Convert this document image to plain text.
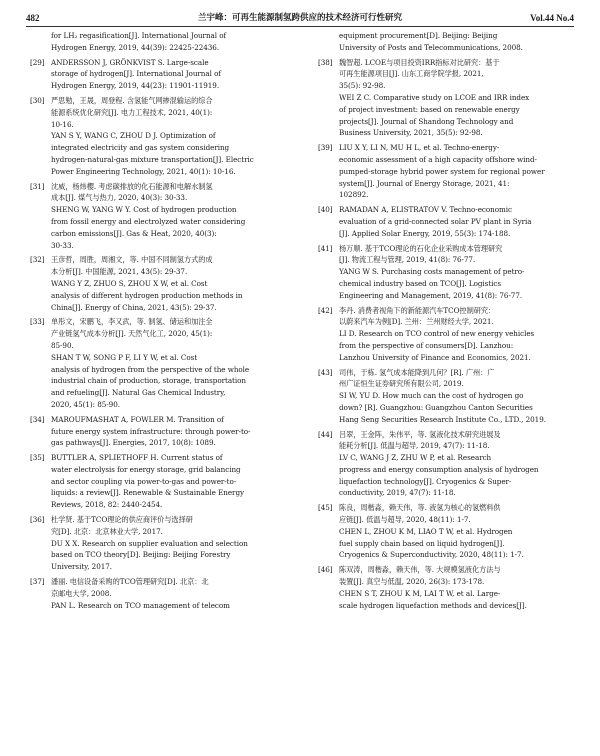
482	兰宇峰：可再生能源制氢跨供应的技术经济可行性研究	Vol.44 No.4
for LH₂ regasification[J]. International Journal of
Hydrogen Energy, 2019, 44(39): 22425-22436.
[29] ANDERSSON J, GRÖNKVIST S. Large-scale
storage of hydrogen[J]. International Journal of
Hydrogen Energy, 2019, 44(23): 11901-11919.
[30] 严思勉，王晟，周登程. 含氢能气网掺混输运的综合
能源系统优化研究[J]. 电力工程技术, 2021, 40(1):
10-16.
YAN S Y, WANG C, ZHOU D J. Optimization of
integrated electricity and gas system considering
hydrogen-natural-gas mixture transportation[J]. Electric
Power Engineering Technology, 2021, 40(1): 10-16.
[31] 沈威，杨炜樱. 考虑碳排放的化石能源和电解水制氢
成本[J]. 煤气与热力, 2020, 40(3): 30-33.
SHENG W, YANG W Y. Cost of hydrogen production
from fossil energy and electrolyzed water considering
carbon emissions[J]. Gas & Heat, 2020, 40(3):
30-33.
[32] 王彦哲，周胜，周湘文，等. 中国不同制氢方式的成
本分析[J]. 中国能源, 2021, 43(5): 29-37.
WANG Y Z, ZHUO S, ZHOU X W, et al. Cost
analysis of different hydrogen production methods in
China[J]. Energy of China, 2021, 43(5): 29-37.
[33] 单彤文，宋鹏飞，李又武，等. 制氢、储运和加注全
产业链氢气成本分析[J]. 天然气化工, 2020, 45(1):
85-90.
SHAN T W, SONG P F, LI Y W, et al. Cost
analysis of hydrogen from the perspective of the whole
industrial chain of production, storage, transportation
and refueling[J]. Natural Gas Chemical Industry,
2020, 45(1): 85-90.
[34] MAROUFMASHAT A, FOWLER M. Transition of
future energy system infrastructure: through power-to-
gas pathways[J]. Energies, 2017, 10(8): 1089.
[35] BUTTLER A, SPLIETHOFF H. Current status of
water electrolysis for energy storage, grid balancing
and sector coupling via power-to-gas and power-to-
liquids: a review[J]. Renewable & Sustainable Energy
Reviews, 2018, 82: 2440-2454.
[36] 杜学贤. 基于TCO理论的供应商评价与选择研
究[D]. 北京：北京林业大学, 2017.
DU X X. Research on supplier evaluation and selection
based on TCO theory[D]. Beijing: Beijing Forestry
University, 2017.
[37] 潘丽. 电信设备采购的TCO管理研究[D]. 北京：北
京邮电大学, 2008.
PAN L. Research on TCO management of telecom
equipment procurement[D]. Beijing: Beijing
University of Posts and Telecommunications, 2008.
[38] 魏智超. LCOE与项目投资IRR指标对比研究：基于
可再生能源项目[J]. 山东工商学院学报, 2021,
35(5): 92-98.
WEI Z C. Comparative study on LCOE and IRR index
of project investment: based on renewable energy
projects[J]. Journal of Shandong Technology and
Business University, 2021, 35(5): 92-98.
[39] LIU X Y, LI N, MU H L, et al. Techno-energy-
economic assessment of a high capacity offshore wind-
pumped-storage hybrid power system for regional power
system[J]. Journal of Energy Storage, 2021, 41:
102892.
[40] RAMADAN A, ELISTRATOV V. Techno-economic
evaluation of a grid-connected solar PV plant in Syria
[J]. Applied Solar Energy, 2019, 55(3): 174-188.
[41] 杨万顺. 基于TCO理论的石化企业采购成本管理研究
[J]. 物流工程与管理, 2019, 41(8): 76-77.
YANG W S. Purchasing costs management of petro-
chemical industry based on TCO[J]. Logistics
Engineering and Management, 2019, 41(8): 76-77.
[42] 李丹. 消费者视角下的新能源汽车TCO控制研究：
以蔚来汽车为例[D]. 兰州：兰州财经大学, 2021.
LI D. Research on TCO control of new energy vehicles
from the perspective of consumers[D]. Lanzhou:
Lanzhou University of Finance and Economics, 2021.
[43] 司伟，于栋. 氢气成本能降到几何？[R]. 广州：广
州广证恒生证券研究所有限公司, 2019.
SI W, YU D. How much can the cost of hydrogen go
down? [R]. Guangzhou: Guangzhou Canton Securities
Hang Seng Securities Research Institute Co., LTD., 2019.
[44] 吕翠，王金阵，朱伟平，等. 氢液化技术研究进展及
能耗分析[J]. 低温与超导, 2019, 47(7): 11-18.
LV C, WANG J Z, ZHU W P, et al. Research
progress and energy consumption analysis of hydrogen
liquefaction technology[J]. Cryogenics & Super-
conductivity, 2019, 47(7): 11-18.
[45] 陈良，周楷淼，赖天伟，等. 液氢为核心的氢燃料供
应链[J]. 低温与超导, 2020, 48(11): 1-7.
CHEN L, ZHOU K M, LIAO T W, et al. Hydrogen
fuel supply chain based on liquid hydrogen[J].
Cryogenics & Superconductivity, 2020, 48(11): 1-7.
[46] 陈双涛，周楷淼，赖天伟，等. 大规模氢液化方法与
装置[J]. 真空与低温, 2020, 26(3): 173-178.
CHEN S T, ZHOU K M, LAI T W, et al. Large-
scale hydrogen liquefaction methods and devices[J].
